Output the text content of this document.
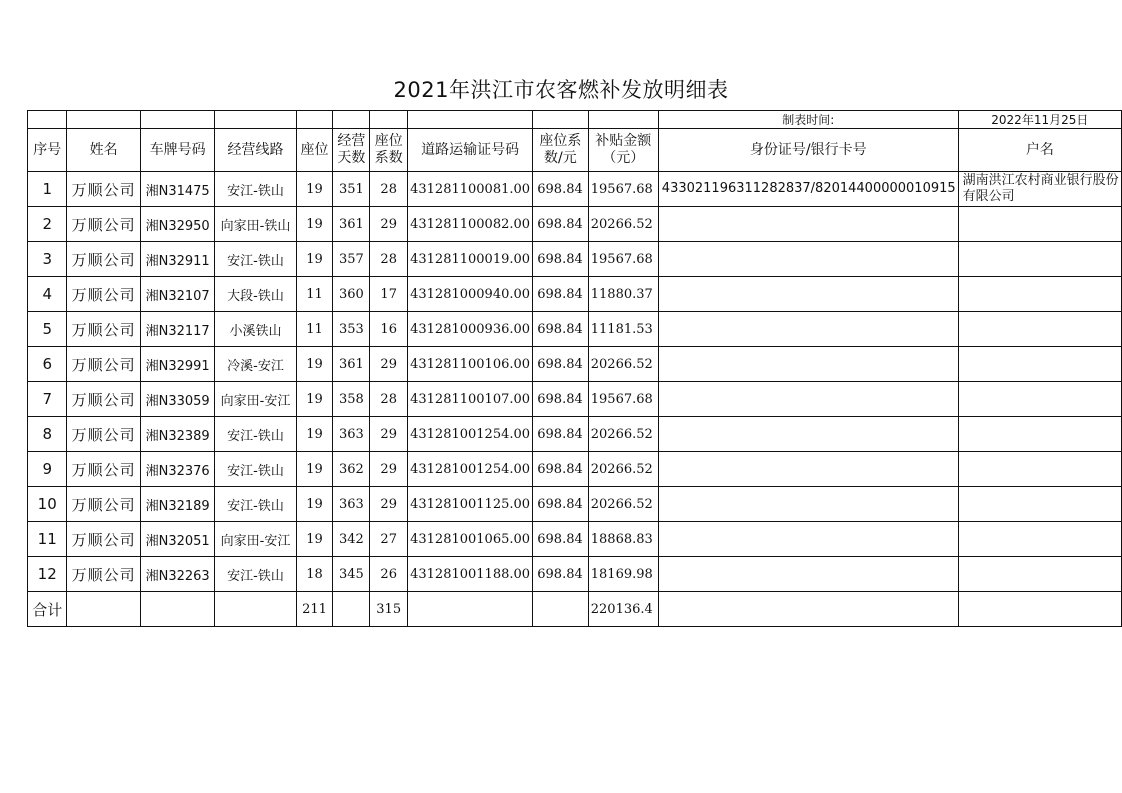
2021年洪江市农客燃补发放明细表
										制表时间:	2022年11月25日
序号	姓名	车牌号码	经营线路	座位	经营天数	座位系数	道路运输证号码	座位系数/元	补贴金额（元）	身份证号/银行卡号	户名
1	万顺公司	湘N31475	安江-铁山	19	351	28	431281100081.00	698.84	19567.68	433021196311282837/82014400000010915	湖南洪江农村商业银行股份有限公司
2	万顺公司	湘N32950	向家田-铁山	19	361	29	431281100082.00	698.84	20266.52		
3	万顺公司	湘N32911	安江-铁山	19	357	28	431281100019.00	698.84	19567.68		
4	万顺公司	湘N32107	大段-铁山	11	360	17	431281000940.00	698.84	11880.37		
5	万顺公司	湘N32117	小溪铁山	11	353	16	431281000936.00	698.84	11181.53		
6	万顺公司	湘N32991	冷溪-安江	19	361	29	431281100106.00	698.84	20266.52		
7	万顺公司	湘N33059	向家田-安江	19	358	28	431281100107.00	698.84	19567.68		
8	万顺公司	湘N32389	安江-铁山	19	363	29	431281001254.00	698.84	20266.52		
9	万顺公司	湘N32376	安江-铁山	19	362	29	431281001254.00	698.84	20266.52		
10	万顺公司	湘N32189	安江-铁山	19	363	29	431281001125.00	698.84	20266.52		
11	万顺公司	湘N32051	向家田-安江	19	342	27	431281001065.00	698.84	18868.83		
12	万顺公司	湘N32263	安江-铁山	18	345	26	431281001188.00	698.84	18169.98		
合计				211		315			220136.4		
